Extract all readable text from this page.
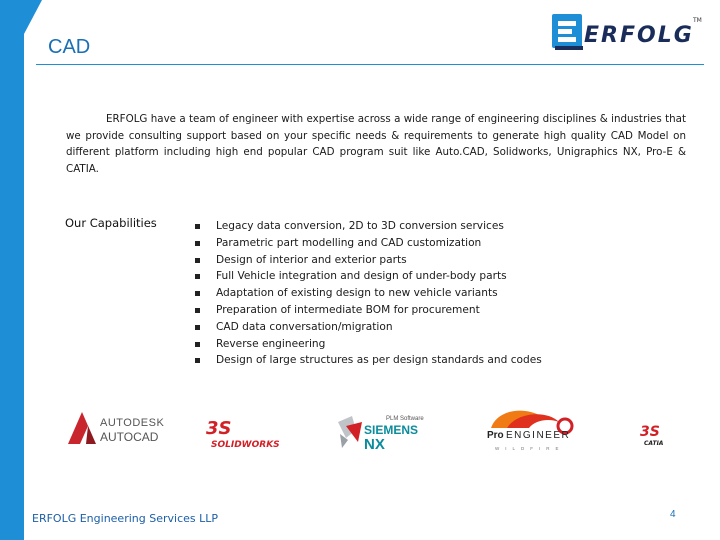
CAD	ERFOLG
TM

ERFOLG have a team of engineer with expertise across a wide range of engineering disciplines & industries that we provide consulting support based on your specific needs & requirements to generate high quality CAD Model on different platform including high end popular CAD program suit like Auto.CAD, Solidworks, Unigraphics NX, Pro-E & CATIA.

Our Capabilities	Legacy data conversion, 2D to 3D conversion services
Parametric part modelling and CAD customization
Design of interior and exterior parts
Full Vehicle integration and design of under-body parts
Adaptation of existing design to new vehicle variants
Preparation of intermediate BOM for procurement
CAD data conversation/migration
Reverse engineering
Design of large structures as per design standards and codes
AUTODESK
AUTOCAD	3S
SOLIDWORKS
PLM Software
SIEMENS
NX
Pro ENGINEER
WILDFIRE
3S
CATIA
ERFOLG Engineering Services LLP	4
